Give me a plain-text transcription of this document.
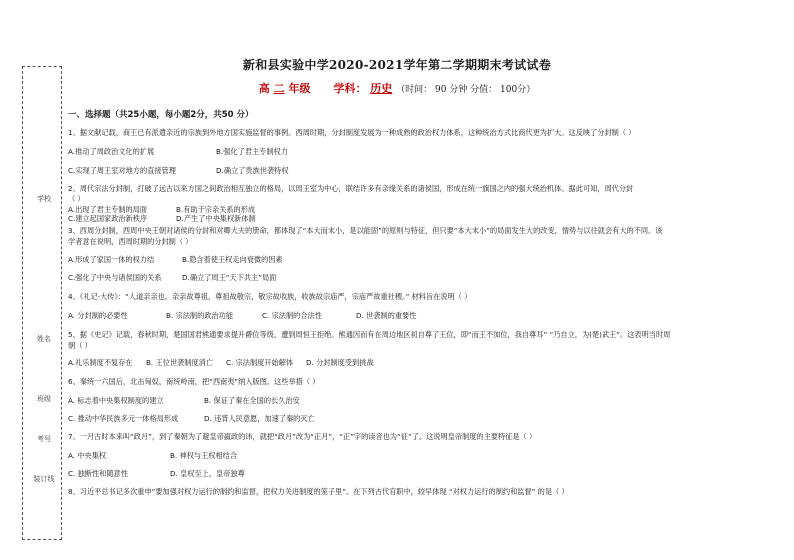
学校
姓名
班级
考号
装订线
新和县实验中学2020-2021学年第二学期期末考试试卷
高 二 年级 学科： 历史 （时间： 90 分钟 分值： 100分）
一、选择题（共25小题，每小题2分，共50 分）
1、据文献记载，商王已有派遣亲近的宗族到外地方国实施监督的事例。西周时期，分封制度发展为一种成熟的政治权力体系，这种统治方式比商代更为扩大。这反映了分封制（ ）
A.推动了周政治文化的扩展	B.强化了君主专制权力
C.实现了周王室对地方的直接管理	D.确立了贵族世袭特权
2、周代宗法分封制，打破了远古以来方国之间政治相互独立的格局，以周王室为中心，联结许多有亲缘关系的诸侯国，形成在统一旗国之内的强大统治机体。据此可知，周代分封
（ ）
A.出现了君主专制的局面	B.有助于宗亲关系的形成
C.建立起国家政治新秩序	D.产生了中央集权新体制
3、西周分封制，西周中央王朝对诸侯的分封和对卿大夫的册命，都体现了“本大而末小，是以能固”的原则与特征，但只要“本大末小”的局面发生大的改变，情势与以往就会有大的不同。该
学者意在说明，西周时期的分封制（ ）
A.形成了家国一体的权力结	B.隐含着使王权走向衰微的因素
C.强化了中央与诸侯国的关系	D.确立了周王“天下共主”局面
4、《礼记·大传》：“人道亲亲也。亲亲故尊祖，尊祖故敬宗，敬宗故收族，收族故宗庙严，宗庙严故重社稷。” 材料旨在说明（ ）
A. 分封制的必要性	B. 宗法制的政治功能	C. 宗法制的合法性	D. 世袭制的重要性
5、据《史记》记载，春秋时期，楚国国君熊通要求提升爵位等级，遭到周恒王拒绝。熊通因而有在周边地区初自尊了王位，即“而王不加位，我自尊耳” “乃自立，为(楚)武王”。这表明当时周
朝（ ）
A.礼乐制度不复存在 B. 王位世袭制度消亡 C. 宗法制度开始解体 D. 分封制度受到挑战
6、秦统一六国后，北击匈奴，南统岭南，把“西南夷”纳入版图。这些举措（ ）
A. 标志着中央集权制度的建立	B. 保证了秦在全国的长久治安
C. 推动中华民族多元一体格局形成	D. 违背人民意愿，加速了秦的灭亡
7、一月古时本来叫“政月”，到了秦朝为了避皇帝嬴政的讳，就把“政月”改为“正月”，“正”字的读音也为“征”了。这说明皇帝制度的主要特征是（ ）
A. 中央集权	B. 神权与王权相结合
C. 独断性和随意性	D. 皇权至上，皇帝独尊
8、习近平总书记多次重申“要加强对权力运行的制约和监督，把权力关进制度的笼子里”。在下列古代官职中，较早体现 “对权力运行的制约和监督” 的是（ ）
